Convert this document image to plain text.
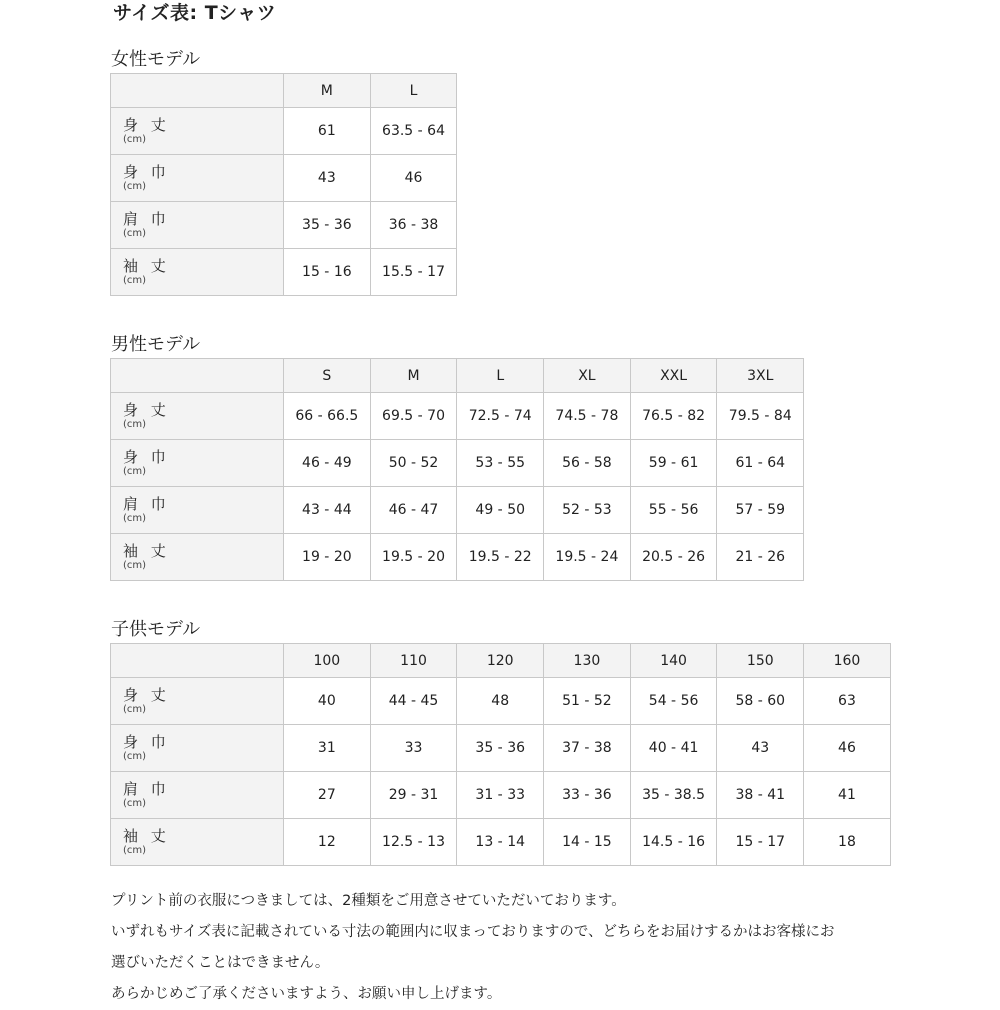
サイズ表: Tシャツ
女性モデル
	M	L

身 丈
(cm)	61	63.5 - 64

身 巾
(cm)	43	46

肩 巾
(cm)	35 - 36	36 - 38

袖 丈
(cm)	15 - 16	15.5 - 17
男性モデル
	S	M	L	XL	XXL	3XL

身 丈
(cm)	66 - 66.5	69.5 - 70	72.5 - 74	74.5 - 78	76.5 - 82	79.5 - 84

身 巾
(cm)	46 - 49	50 - 52	53 - 55	56 - 58	59 - 61	61 - 64

肩 巾
(cm)	43 - 44	46 - 47	49 - 50	52 - 53	55 - 56	57 - 59

袖 丈
(cm)	19 - 20	19.5 - 20	19.5 - 22	19.5 - 24	20.5 - 26	21 - 26
子供モデル
	100	110	120	130	140	150	160

身 丈
(cm)	40	44 - 45	48	51 - 52	54 - 56	58 - 60	63

身 巾
(cm)	31	33	35 - 36	37 - 38	40 - 41	43	46

肩 巾
(cm)	27	29 - 31	31 - 33	33 - 36	35 - 38.5	38 - 41	41

袖 丈
(cm)	12	12.5 - 13	13 - 14	14 - 15	14.5 - 16	15 - 17	18

プリント前の衣服につきましては、2種類をご用意させていただいております。

いずれもサイズ表に記載されている寸法の範囲内に収まっておりますので、どちらをお届けするかはお客様にお

選びいただくことはできません。

あらかじめご了承くださいますよう、お願い申し上げます。
